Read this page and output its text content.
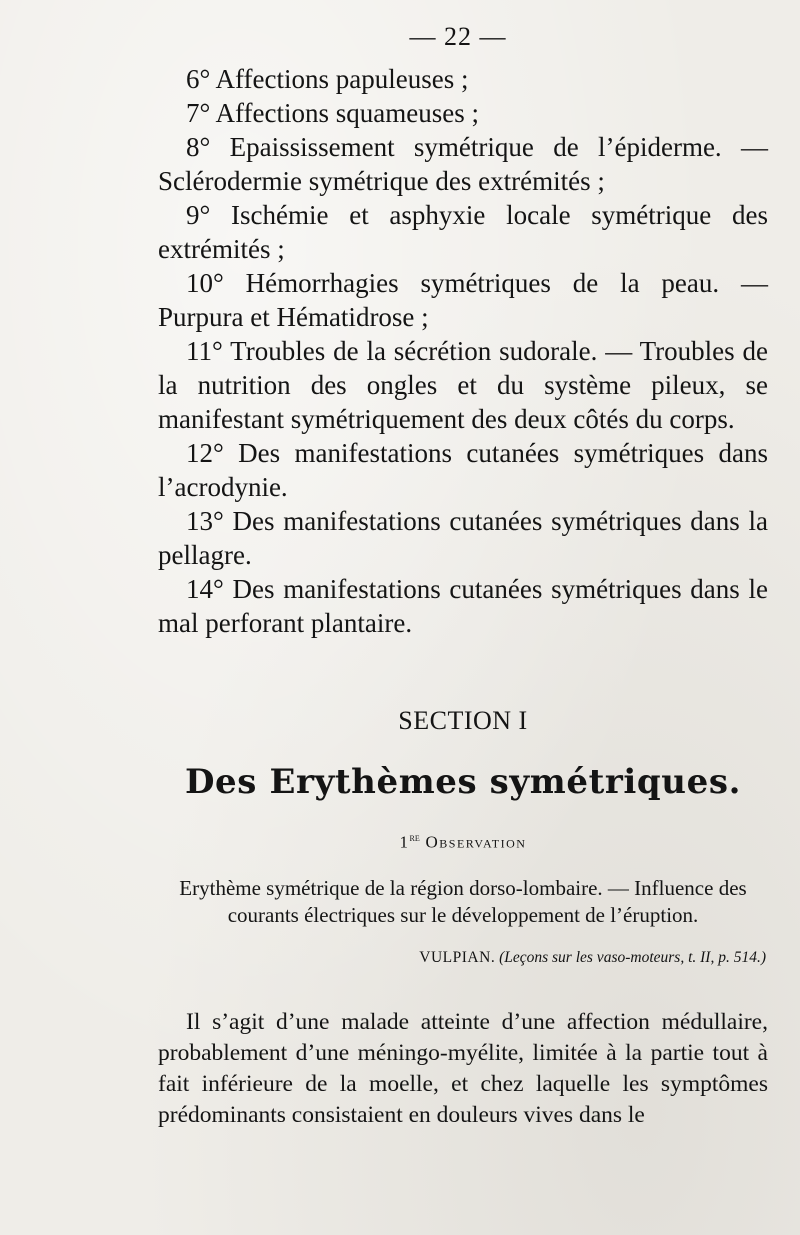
— 22 —

6° Affections papuleuses ;

7° Affections squameuses ;

8° Epaississement symétrique de l’épiderme. — Sclérodermie symétrique des extrémités ;

9° Ischémie et asphyxie locale symétrique des extrémités ;

10° Hémorrhagies symétriques de la peau. — Purpura et Hématidrose ;

11° Troubles de la sécrétion sudorale. — Troubles de la nutrition des ongles et du système pileux, se manifestant symétriquement des deux côtés du corps.

12° Des manifestations cutanées symétriques dans l’acrodynie.

13° Des manifestations cutanées symétriques dans la pellagre.

14° Des manifestations cutanées symétriques dans le mal perforant plantaire.

SECTION I
Des Erythèmes symétriques.
1re Observation
Erythème symétrique de la région dorso-lombaire. — Influence des courants électriques sur le développement de l’éruption.
VULPIAN. (Leçons sur les vaso-moteurs, t. II, p. 514.)

Il s’agit d’une malade atteinte d’une affection médullaire, probablement d’une méningo-myélite, limitée à la partie tout à fait inférieure de la moelle, et chez laquelle les symptômes prédominants consistaient en douleurs vives dans le
